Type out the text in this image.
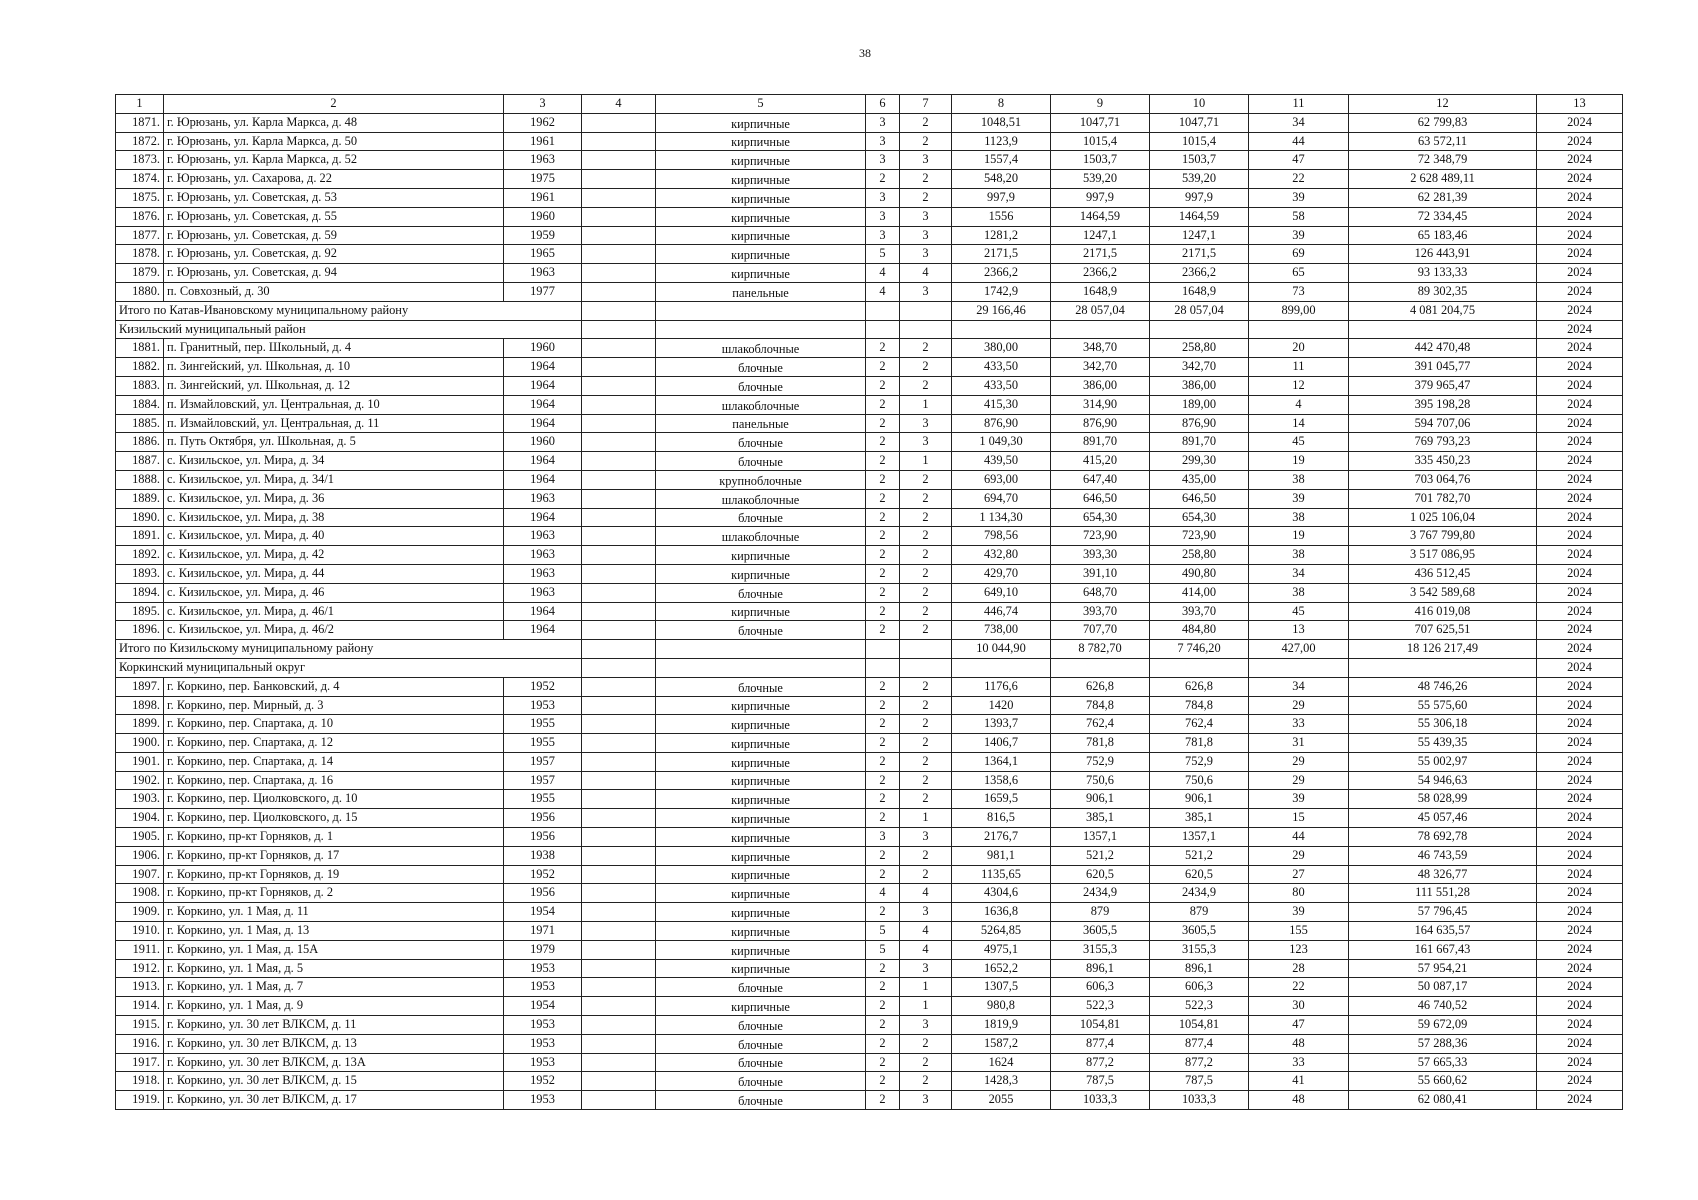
38
1	2	3	4	5	6	7	8	9	10	11	12	13
1871.	г. Юрюзань, ул. Карла Маркса, д. 48	1962		кирпичные	3	2	1048,51	1047,71	1047,71	34	62 799,83	2024
1872.	г. Юрюзань, ул. Карла Маркса, д. 50	1961		кирпичные	3	2	1123,9	1015,4	1015,4	44	63 572,11	2024
1873.	г. Юрюзань, ул. Карла Маркса, д. 52	1963		кирпичные	3	3	1557,4	1503,7	1503,7	47	72 348,79	2024
1874.	г. Юрюзань, ул. Сахарова, д. 22	1975		кирпичные	2	2	548,20	539,20	539,20	22	2 628 489,11	2024
1875.	г. Юрюзань, ул. Советская, д. 53	1961		кирпичные	3	2	997,9	997,9	997,9	39	62 281,39	2024
1876.	г. Юрюзань, ул. Советская, д. 55	1960		кирпичные	3	3	1556	1464,59	1464,59	58	72 334,45	2024
1877.	г. Юрюзань, ул. Советская, д. 59	1959		кирпичные	3	3	1281,2	1247,1	1247,1	39	65 183,46	2024
1878.	г. Юрюзань, ул. Советская, д. 92	1965		кирпичные	5	3	2171,5	2171,5	2171,5	69	126 443,91	2024
1879.	г. Юрюзань, ул. Советская, д. 94	1963		кирпичные	4	4	2366,2	2366,2	2366,2	65	93 133,33	2024
1880.	п. Совхозный, д. 30	1977		панельные	4	3	1742,9	1648,9	1648,9	73	89 302,35	2024
Итого по Катав-Ивановскому муниципальному району							29 166,46	28 057,04	28 057,04	899,00	4 081 204,75	2024
Кизильский муниципальный район												2024
1881.	п. Гранитный, пер. Школьный, д. 4	1960		шлакоблочные	2	2	380,00	348,70	258,80	20	442 470,48	2024
1882.	п. Зингейский, ул. Школьная, д. 10	1964		блочные	2	2	433,50	342,70	342,70	11	391 045,77	2024
1883.	п. Зингейский, ул. Школьная, д. 12	1964		блочные	2	2	433,50	386,00	386,00	12	379 965,47	2024
1884.	п. Измайловский, ул. Центральная, д. 10	1964		шлакоблочные	2	1	415,30	314,90	189,00	4	395 198,28	2024
1885.	п. Измайловский, ул. Центральная, д. 11	1964		панельные	2	3	876,90	876,90	876,90	14	594 707,06	2024
1886.	п. Путь Октября, ул. Школьная, д. 5	1960		блочные	2	3	1 049,30	891,70	891,70	45	769 793,23	2024
1887.	с. Кизильское, ул. Мира, д. 34	1964		блочные	2	1	439,50	415,20	299,30	19	335 450,23	2024
1888.	с. Кизильское, ул. Мира, д. 34/1	1964		крупноблочные	2	2	693,00	647,40	435,00	38	703 064,76	2024
1889.	с. Кизильское, ул. Мира, д. 36	1963		шлакоблочные	2	2	694,70	646,50	646,50	39	701 782,70	2024
1890.	с. Кизильское, ул. Мира, д. 38	1964		блочные	2	2	1 134,30	654,30	654,30	38	1 025 106,04	2024
1891.	с. Кизильское, ул. Мира, д. 40	1963		шлакоблочные	2	2	798,56	723,90	723,90	19	3 767 799,80	2024
1892.	с. Кизильское, ул. Мира, д. 42	1963		кирпичные	2	2	432,80	393,30	258,80	38	3 517 086,95	2024
1893.	с. Кизильское, ул. Мира, д. 44	1963		кирпичные	2	2	429,70	391,10	490,80	34	436 512,45	2024
1894.	с. Кизильское, ул. Мира, д. 46	1963		блочные	2	2	649,10	648,70	414,00	38	3 542 589,68	2024
1895.	с. Кизильское, ул. Мира, д. 46/1	1964		кирпичные	2	2	446,74	393,70	393,70	45	416 019,08	2024
1896.	с. Кизильское, ул. Мира, д. 46/2	1964		блочные	2	2	738,00	707,70	484,80	13	707 625,51	2024
Итого по Кизильскому муниципальному району							10 044,90	8 782,70	7 746,20	427,00	18 126 217,49	2024
Коркинский муниципальный округ												2024
1897.	г. Коркино, пер. Банковский, д. 4	1952		блочные	2	2	1176,6	626,8	626,8	34	48 746,26	2024
1898.	г. Коркино, пер. Мирный, д. 3	1953		кирпичные	2	2	1420	784,8	784,8	29	55 575,60	2024
1899.	г. Коркино, пер. Спартака, д. 10	1955		кирпичные	2	2	1393,7	762,4	762,4	33	55 306,18	2024
1900.	г. Коркино, пер. Спартака, д. 12	1955		кирпичные	2	2	1406,7	781,8	781,8	31	55 439,35	2024
1901.	г. Коркино, пер. Спартака, д. 14	1957		кирпичные	2	2	1364,1	752,9	752,9	29	55 002,97	2024
1902.	г. Коркино, пер. Спартака, д. 16	1957		кирпичные	2	2	1358,6	750,6	750,6	29	54 946,63	2024
1903.	г. Коркино, пер. Циолковского, д. 10	1955		кирпичные	2	2	1659,5	906,1	906,1	39	58 028,99	2024
1904.	г. Коркино, пер. Циолковского, д. 15	1956		кирпичные	2	1	816,5	385,1	385,1	15	45 057,46	2024
1905.	г. Коркино, пр-кт Горняков, д. 1	1956		кирпичные	3	3	2176,7	1357,1	1357,1	44	78 692,78	2024
1906.	г. Коркино, пр-кт Горняков, д. 17	1938		кирпичные	2	2	981,1	521,2	521,2	29	46 743,59	2024
1907.	г. Коркино, пр-кт Горняков, д. 19	1952		кирпичные	2	2	1135,65	620,5	620,5	27	48 326,77	2024
1908.	г. Коркино, пр-кт Горняков, д. 2	1956		кирпичные	4	4	4304,6	2434,9	2434,9	80	111 551,28	2024
1909.	г. Коркино, ул. 1 Мая, д. 11	1954		кирпичные	2	3	1636,8	879	879	39	57 796,45	2024
1910.	г. Коркино, ул. 1 Мая, д. 13	1971		кирпичные	5	4	5264,85	3605,5	3605,5	155	164 635,57	2024
1911.	г. Коркино, ул. 1 Мая, д. 15А	1979		кирпичные	5	4	4975,1	3155,3	3155,3	123	161 667,43	2024
1912.	г. Коркино, ул. 1 Мая, д. 5	1953		кирпичные	2	3	1652,2	896,1	896,1	28	57 954,21	2024
1913.	г. Коркино, ул. 1 Мая, д. 7	1953		блочные	2	1	1307,5	606,3	606,3	22	50 087,17	2024
1914.	г. Коркино, ул. 1 Мая, д. 9	1954		кирпичные	2	1	980,8	522,3	522,3	30	46 740,52	2024
1915.	г. Коркино, ул. 30 лет ВЛКСМ, д. 11	1953		блочные	2	3	1819,9	1054,81	1054,81	47	59 672,09	2024
1916.	г. Коркино, ул. 30 лет ВЛКСМ, д. 13	1953		блочные	2	2	1587,2	877,4	877,4	48	57 288,36	2024
1917.	г. Коркино, ул. 30 лет ВЛКСМ, д. 13А	1953		блочные	2	2	1624	877,2	877,2	33	57 665,33	2024
1918.	г. Коркино, ул. 30 лет ВЛКСМ, д. 15	1952		блочные	2	2	1428,3	787,5	787,5	41	55 660,62	2024
1919.	г. Коркино, ул. 30 лет ВЛКСМ, д. 17	1953		блочные	2	3	2055	1033,3	1033,3	48	62 080,41	2024
